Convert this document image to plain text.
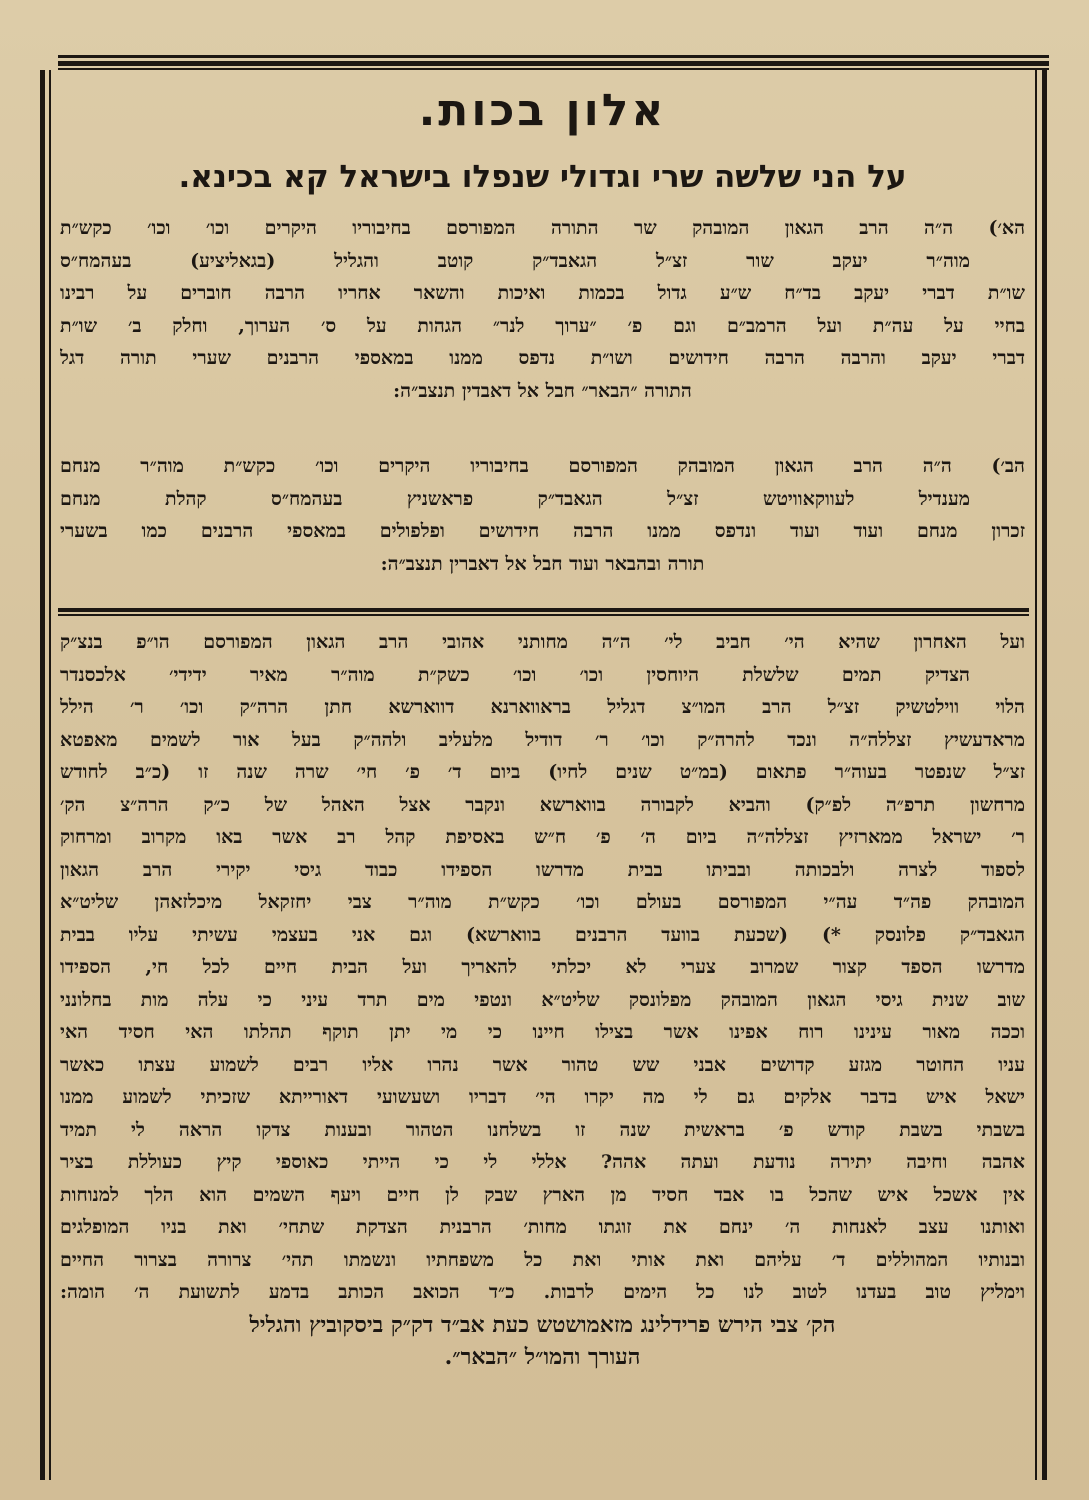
אלון בכות.
על הני שלשה שרי וגדולי שנפלו בישראל קא בכינא.
הא׳) ה״ה הרב הגאון המובהק שר התורה המפורסם בחיבוריו היקרים וכו׳ וכו׳ כקש״ת
מוה״ר יעקב שור זצ״ל הגאבד״ק קוטב והגליל (בגאליציע) בעהמח״ס
שו״ת דברי יעקב בד״ח ש״ע גדול בכמות ואיכות והשאר אחריו הרבה חוברים על רבינו
בחיי על עה״ת ועל הרמב״ם וגם פ׳ ״ערוך לנר״ הגהות על ס׳ הערוך, וחלק ב׳ שו״ת
דברי יעקב והרבה הרבה חידושים ושו״ת נדפס ממנו במאספי הרבנים שערי תורה דגל
התורה ״הבאר״ חבל אל דאבדין תנצב״ה:
הב׳) ה״ה הרב הגאון המובהק המפורסם בחיבוריו היקרים וכו׳ כקש״ת מוה״ר מנחם
מענדיל לעווקאוויטש זצ״ל הגאבד״ק פראשניץ בעהמח״ס קהלת מנחם
זכרון מנחם ועוד ועוד ונדפס ממנו הרבה חידושים ופלפולים במאספי הרבנים כמו בשערי
תורה ובהבאר ועוד חבל אל דאברין תנצב״ה:
ועל האחרון שהיא הי׳ חביב לי׳ ה״ה מחותני אהובי הרב הגאון המפורסם הו״פ בנצ״ק
הצדיק תמים שלשלת היוחסין וכו׳ וכו׳ כשק״ת מוה״ר מאיר ידידי׳ אלכסנדר
הלוי ווילטשיק זצ״ל הרב המו״צ דגליל בראווארנא דווארשא חתן הרה״ק וכו׳ ר׳ הילל
מראדעשיץ זצללה״ה ונכד להרה״ק וכו׳ ר׳ דודיל מלעליב ולהה״ק בעל אור לשמים מאפטא
זצ״ל שנפטר בעוה״ר פתאום (במ״ט שנים לחיו) ביום ד׳ פ׳ חי׳ שרה שנה זו (כ״ב לחודש
מרחשון תרפ״ה לפ״ק) והביא לקבורה בווארשא ונקבר אצל האהל של כ״ק הרה״צ הק׳
ר׳ ישראל ממארזיץ זצללה״ה ביום ה׳ פ׳ ח״ש באסיפת קהל רב אשר באו מקרוב ומרחוק
לספוד לצרה ולבכותה ובביתו בבית מדרשו הספידו כבוד גיסי יקירי הרב הגאון
המובהק פה״ד עה״י המפורסם בעולם וכו׳ כקש״ת מוה״ר צבי יחזקאל מיכלזאהן שליט״א
הגאבד״ק פלונסק *) (שכעת בוועד הרבנים בווארשא) וגם אני בעצמי עשיתי עליו בבית
מדרשו הספד קצור שמרוב צערי לא יכלתי להאריך ועל הבית חיים לכל חי, הספידו
שוב שנית גיסי הגאון המובהק מפלונסק שליט״א ונטפי מים תרד עיני כי עלה מות בחלונני
וככה מאור עינינו רוח אפינו אשר בצילו חיינו כי מי יתן תוקף תהלתו האי חסיד האי
עניו החוטר מגזע קדושים אבני שש טהור אשר נהרו אליו רבים לשמוע עצתו כאשר
ישאל איש בדבר אלקים גם לי מה יקרו הי׳ דבריו ושעשועי דאורייתא שזכיתי לשמוע ממנו
בשבתי בשבת קודש פ׳ בראשית שנה זו בשלחנו הטהור ובענות צדקו הראה לי תמיד
אהבה וחיבה יתירה נודעת ועתה אהה? אללי לי כי הייתי כאוספי קיץ כעוללת בציר
אין אשכל איש שהכל בו אבד חסיד מן הארץ שבק לן חיים ויעף השמים הוא הלך למנוחות
ואותנו עצב לאנחות ה׳ ינחם את זוגתו מחות׳ הרבנית הצדקת שתחי׳ ואת בניו המופלגים
ובנותיו המהוללים ד׳ עליהם ואת אותי ואת כל משפחתיו ונשמתו תהי׳ צרורה בצרור החיים
וימליץ טוב בעדנו לטוב לנו כל הימים לרבות. כ״ד הכואב הכותב בדמע לתשועת ה׳ הומה:
הק׳ צבי הירש פרידלינג מזאמושטש כעת אב״ד דק״ק ביסקוביץ והגליל
העורך והמו״ל ״הבאר״.
